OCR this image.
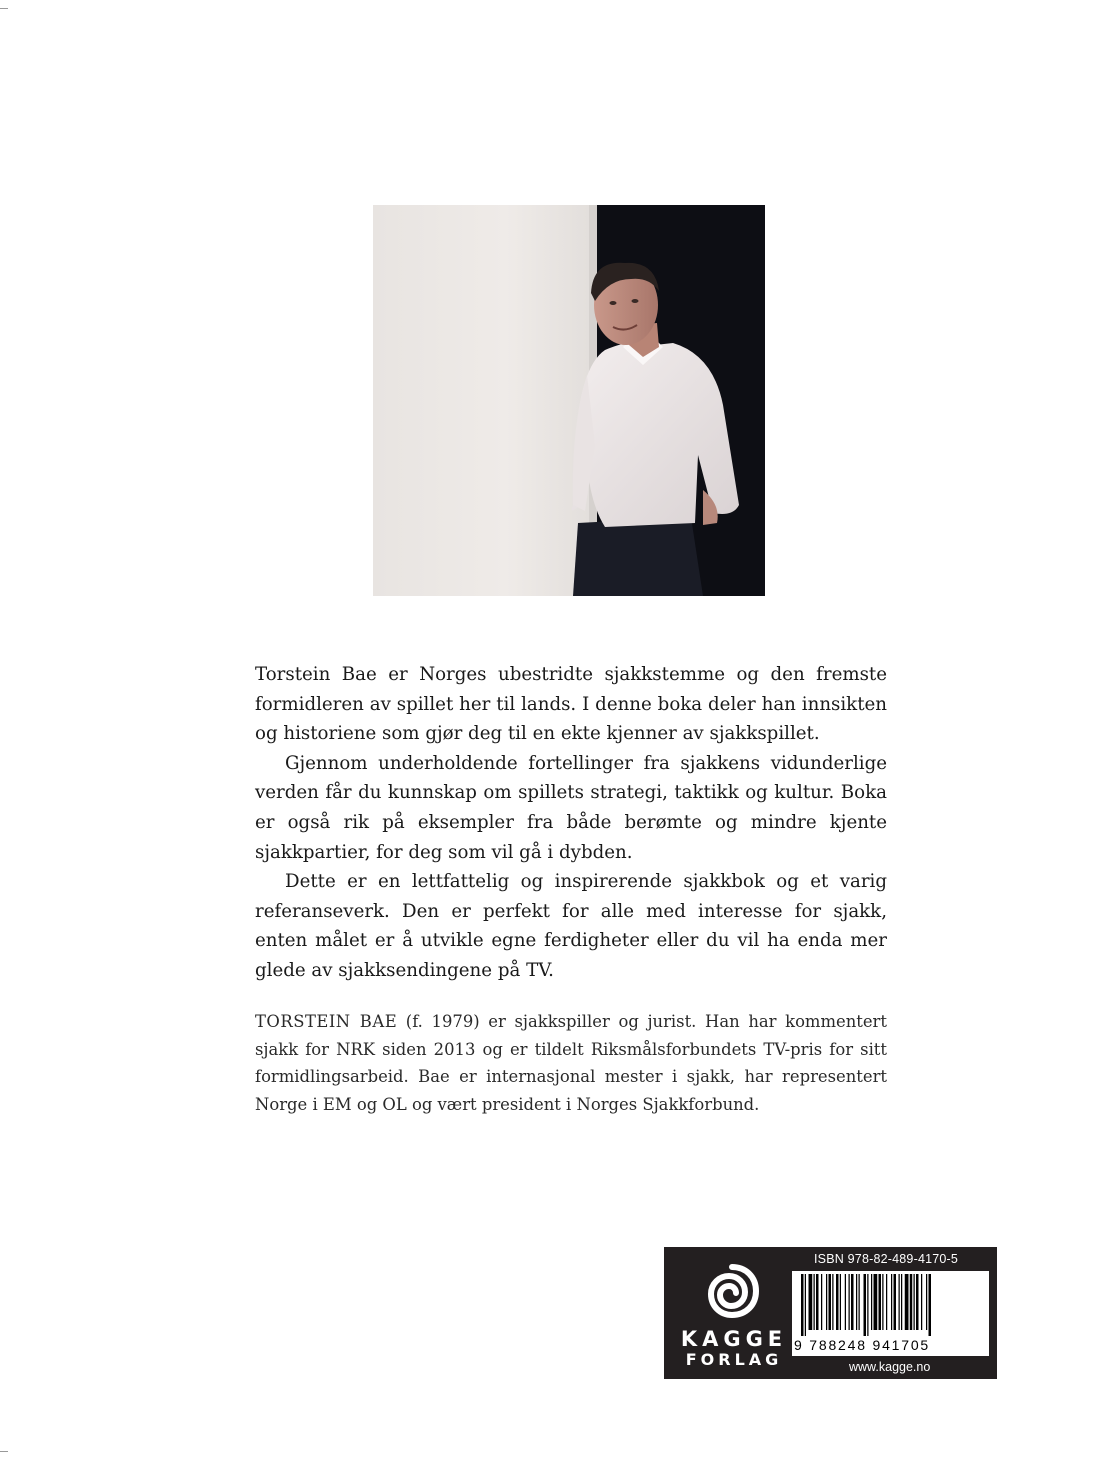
Torstein Bae er Norges ubestridte sjakkstemme og den fremste formidleren av spillet her til lands. I denne boka deler han innsikten og historiene som gjør deg til en ekte kjenner av sjakkspillet.

Gjennom underholdende fortellinger fra sjakkens vidunderlige verden får du kunnskap om spillets strategi, taktikk og kultur. Boka er også rik på eksempler fra både berømte og mindre kjente sjakkpartier, for deg som vil gå i dybden.

Dette er en lettfattelig og inspirerende sjakkbok og et varig referanseverk. Den er perfekt for alle med interesse for sjakk, enten målet er å utvikle egne ferdigheter eller du vil ha enda mer glede av sjakksendingene på TV.

TORSTEIN BAE (f. 1979) er sjakkspiller og jurist. Han har kommentert sjakk for NRK siden 2013 og er tildelt Riksmålsforbundets TV-pris for sitt formidlingsarbeid. Bae er internasjonal mester i sjakk, har representert Norge i EM og OL og vært president i Norges Sjakkforbund.
KAGGE
FORLAG
ISBN 978-82-489-4170-5
9 788248 941705
www.kagge.no
